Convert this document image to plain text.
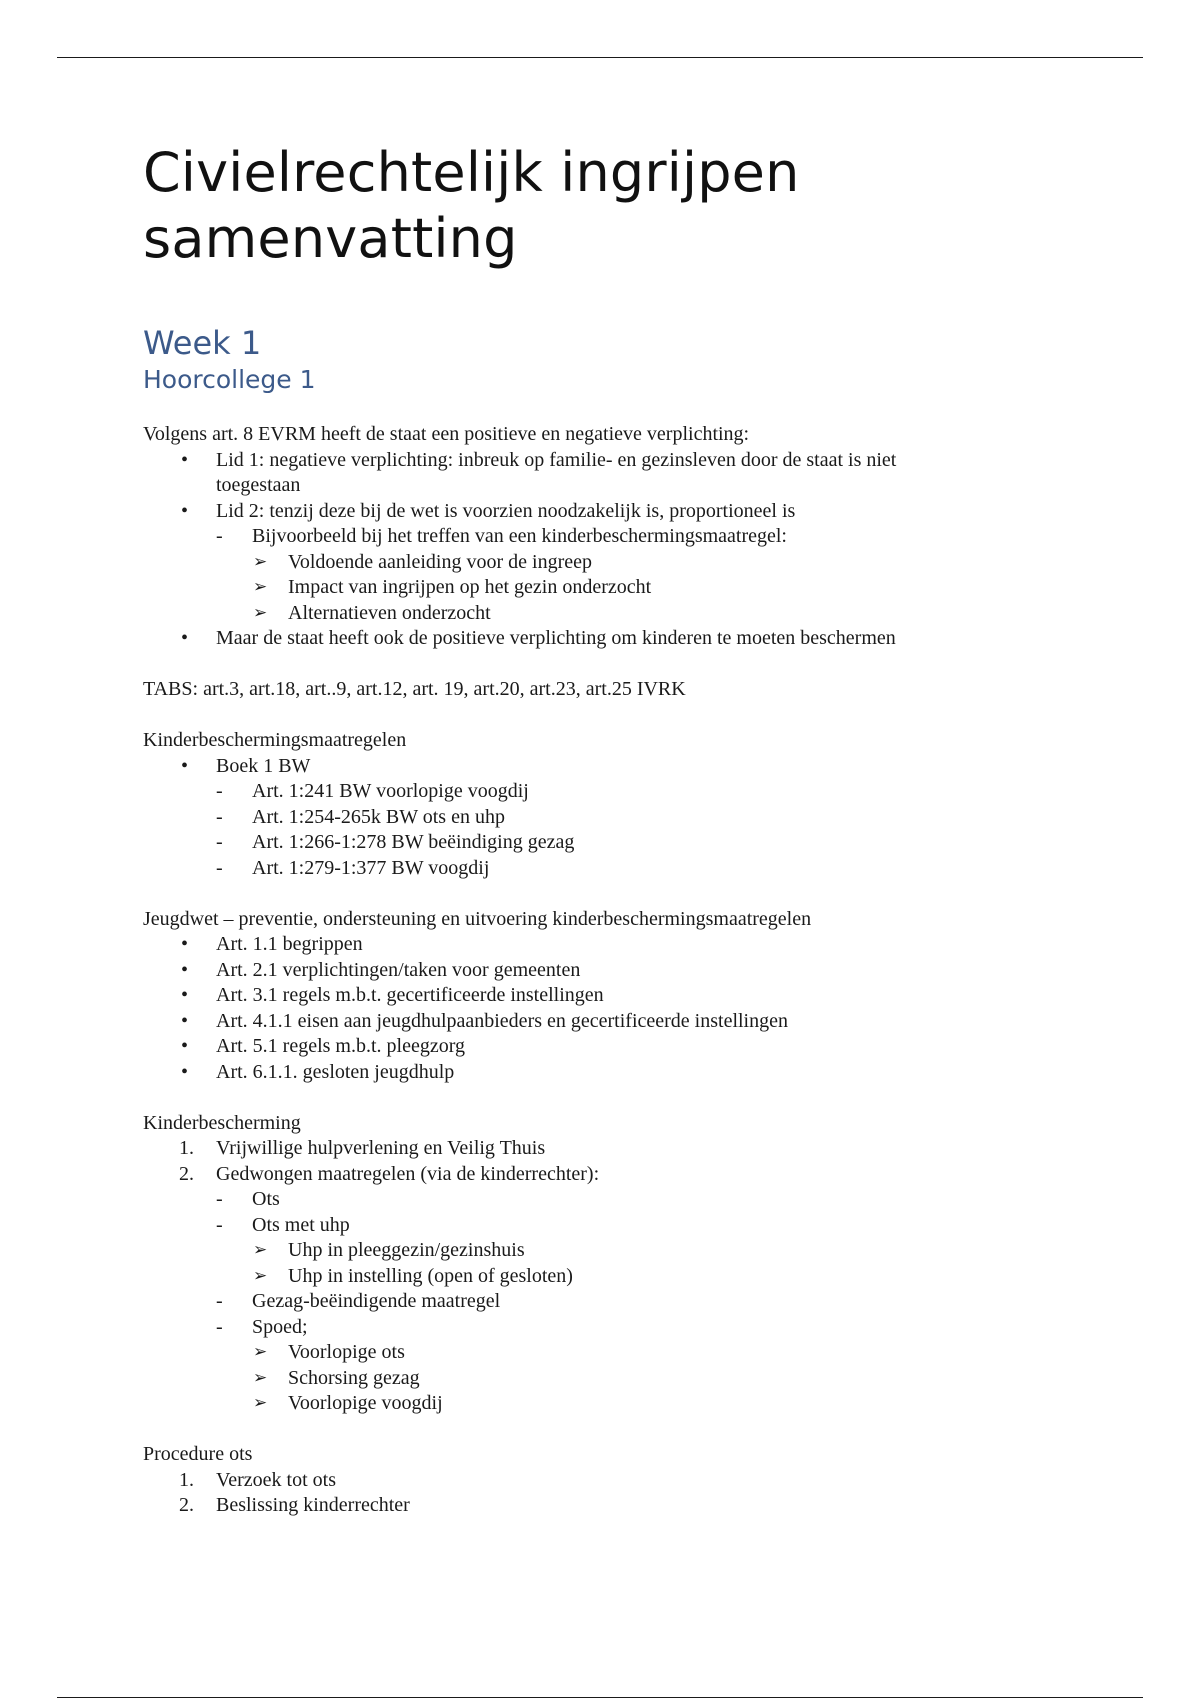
Civielrechtelijk ingrijpen
samenvatting
Week 1
Hoorcollege 1

Volgens art. 8 EVRM heeft de staat een positieve en negatieve verplichting:

• Lid 1: negatieve verplichting: inbreuk op familie- en gezinsleven door de staat is niet
toegestaan
• Lid 2: tenzij deze bij de wet is voorzien noodzakelijk is, proportioneel is
- Bijvoorbeeld bij het treffen van een kinderbeschermingsmaatregel:
➢ Voldoende aanleiding voor de ingreep
➢ Impact van ingrijpen op het gezin onderzocht
➢ Alternatieven onderzocht
• Maar de staat heeft ook de positieve verplichting om kinderen te moeten beschermen

TABS: art.3, art.18, art..9, art.12, art. 19, art.20, art.23, art.25 IVRK

Kinderbeschermingsmaatregelen

• Boek 1 BW
- Art. 1:241 BW voorlopige voogdij
- Art. 1:254-265k BW ots en uhp
- Art. 1:266-1:278 BW beëindiging gezag
- Art. 1:279-1:377 BW voogdij

Jeugdwet – preventie, ondersteuning en uitvoering kinderbeschermingsmaatregelen

• Art. 1.1 begrippen
• Art. 2.1 verplichtingen/taken voor gemeenten
• Art. 3.1 regels m.b.t. gecertificeerde instellingen
• Art. 4.1.1 eisen aan jeugdhulpaanbieders en gecertificeerde instellingen
• Art. 5.1 regels m.b.t. pleegzorg
• Art. 6.1.1. gesloten jeugdhulp

Kinderbescherming

1. Vrijwillige hulpverlening en Veilig Thuis
2. Gedwongen maatregelen (via de kinderrechter):
- Ots
- Ots met uhp
➢ Uhp in pleeggezin/gezinshuis
➢ Uhp in instelling (open of gesloten)
- Gezag-beëindigende maatregel
- Spoed;
➢ Voorlopige ots
➢ Schorsing gezag
➢ Voorlopige voogdij

Procedure ots

1. Verzoek tot ots
2. Beslissing kinderrechter
